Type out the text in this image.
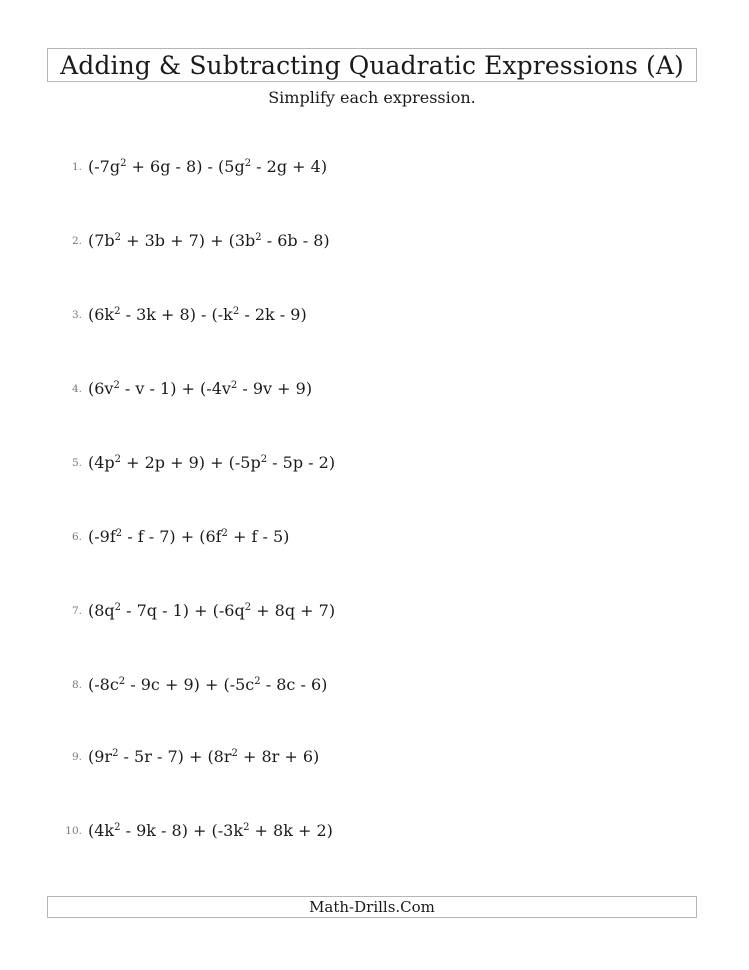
Adding & Subtracting Quadratic Expressions (A)
Simplify each expression.
1. $(-7g^2 + 6g - 8) - (5g^2 - 2g + 4)$
2. $(7b^2 + 3b + 7) + (3b^2 - 6b - 8)$
3. $(6k^2 - 3k + 8) - (-k^2 - 2k - 9)$
4. $(6v^2 - v - 1) + (-4v^2 - 9v + 9)$
5. $(4p^2 + 2p + 9) + (-5p^2 - 5p - 2)$
6. $(-9f^2 - f - 7) + (6f^2 + f - 5)$
7. $(8q^2 - 7q - 1) + (-6q^2 + 8q + 7)$
8. $(-8c^2 - 9c + 9) + (-5c^2 - 8c - 6)$
9. $(9r^2 - 5r - 7) + (8r^2 + 8r + 6)$
10. $(4k^2 - 9k - 8) + (-3k^2 + 8k + 2)$
Math-Drills.Com
